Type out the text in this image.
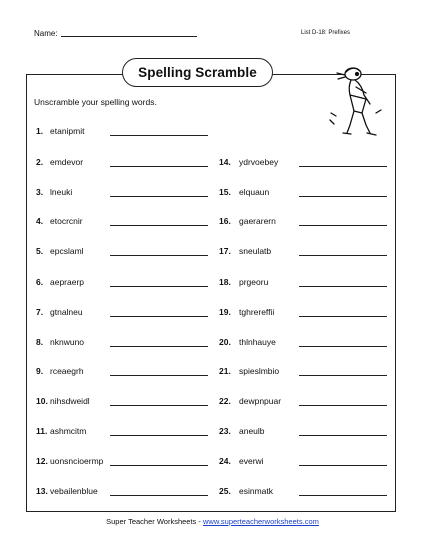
Name:	List D-18: Prefixes
Spelling Scramble
Unscramble your spelling words.
1. etanipmit
2. emdevor
3. lneuki
4. etocrcnir
5. epcslaml
6. aepraerp
7. gtnalneu
8. nknwuno
9. rceaegrh
10. nihsdweidl
11. ashmcitm
12. uonsncioermp
13. vebailenblue
14. ydrvoebey
15. elquaun
16. gaerarern
17. sneulatb
18. prgeoru
19. tghrereffii
20. thlnhauye
21. spieslmbio
22. dewpnpuar
23. aneulb
24. everwi
25. esinmatk
Super Teacher Worksheets - www.superteacherworksheets.com
